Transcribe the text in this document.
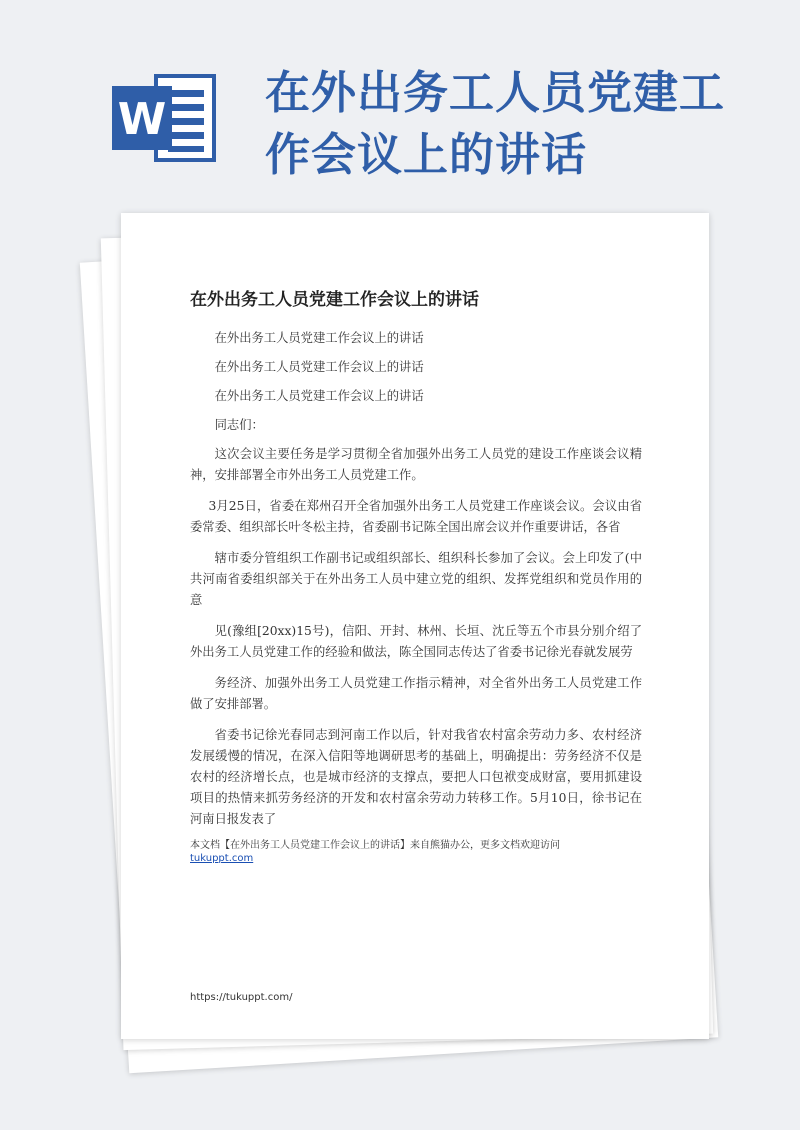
在外出务工人员党建工作会议上的讲话
W
在外出务工人员党建工作会议上的讲话

在外出务工人员党建工作会议上的讲话

在外出务工人员党建工作会议上的讲话

在外出务工人员党建工作会议上的讲话

同志们：

这次会议主要任务是学习贯彻全省加强外出务工人员党的建设工作座谈会议精神，安排部署全市外出务工人员党建工作。

3月25日，省委在郑州召开全省加强外出务工人员党建工作座谈会议。会议由省委常委、组织部长叶冬松主持，省委副书记陈全国出席会议并作重要讲话，各省

辖市委分管组织工作副书记或组织部长、组织科长参加了会议。会上印发了(中共河南省委组织部关于在外出务工人员中建立党的组织、发挥党组织和党员作用的意

见(豫组[20xx)15号)，信阳、开封、林州、长垣、沈丘等五个市县分别介绍了外出务工人员党建工作的经验和做法，陈全国同志传达了省委书记徐光春就发展劳

务经济、加强外出务工人员党建工作指示精神，对全省外出务工人员党建工作做了安排部署。

省委书记徐光春同志到河南工作以后，针对我省农村富余劳动力多、农村经济发展缓慢的情况，在深入信阳等地调研思考的基础上，明确提出：劳务经济不仅是农村的经济增长点，也是城市经济的支撑点，要把人口包袱变成财富，要用抓建设项目的热情来抓劳务经济的开发和农村富余劳动力转移工作。5月10日，徐书记在河南日报发表了

本文档【在外出务工人员党建工作会议上的讲话】来自熊猫办公，更多文档欢迎访问
tukuppt.com
https://tukuppt.com/
